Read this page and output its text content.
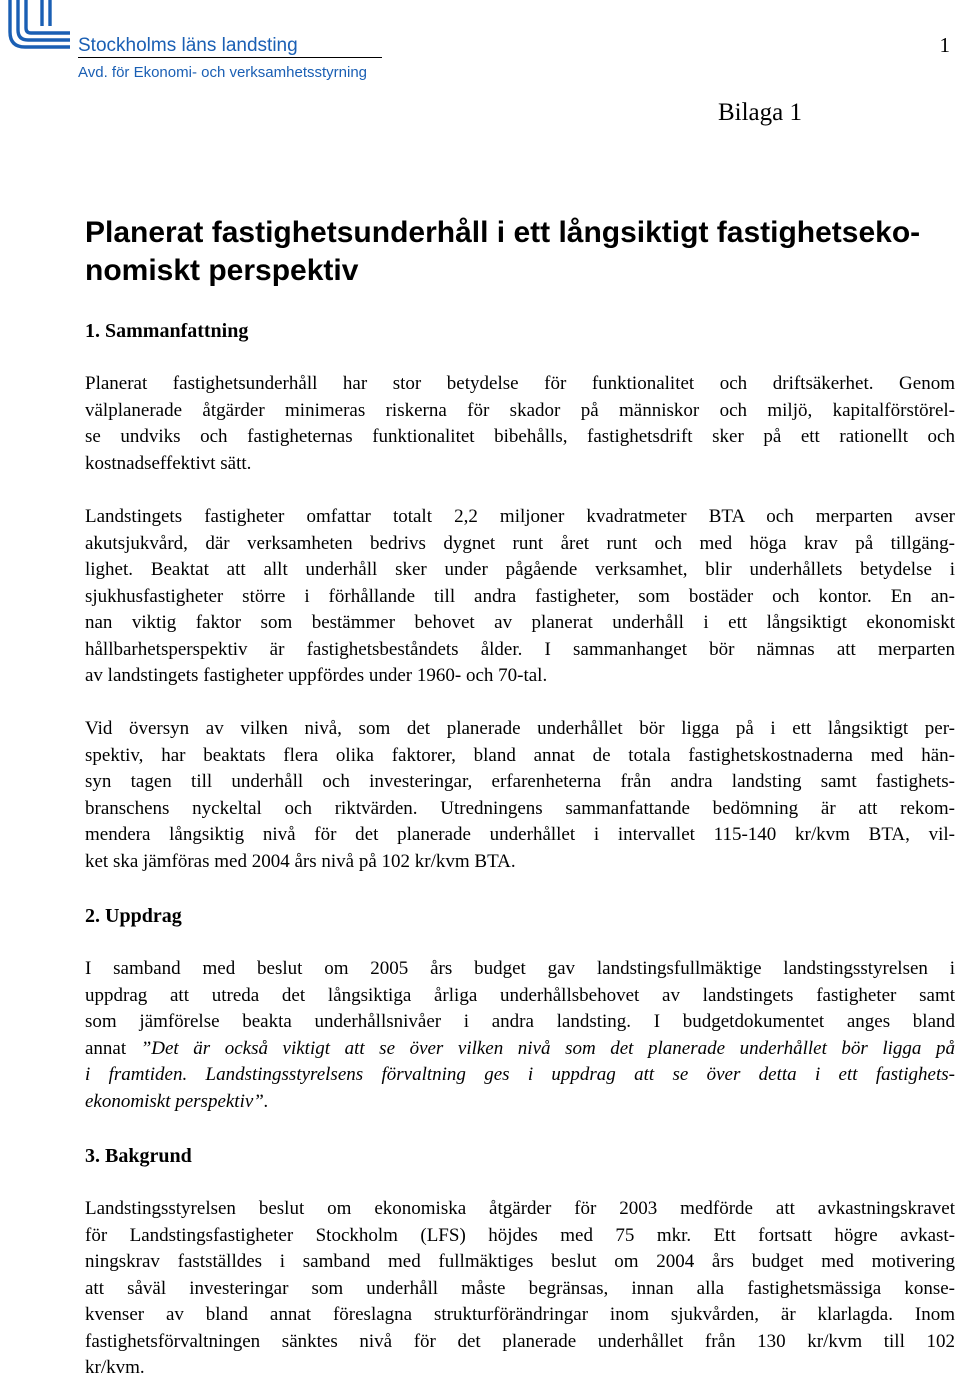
Stockholms läns landsting
Avd. för Ekonomi- och verksamhetsstyrning
1
Bilaga 1
Planerat fastighetsunderhåll i ett långsiktigt fastighetseko-
nomiskt perspektiv
1. Sammanfattning
Planerat fastighetsunderhåll har stor betydelse för funktionalitet och driftsäkerhet. Genom
välplanerade åtgärder minimeras riskerna för skador på människor och miljö, kapitalförstörel-
se undviks och fastigheternas funktionalitet bibehålls, fastighetsdrift sker på ett rationellt och
kostnadseffektivt sätt.
Landstingets fastigheter omfattar totalt 2,2 miljoner kvadratmeter BTA och merparten avser
akutsjukvård, där verksamheten bedrivs dygnet runt året runt och med höga krav på tillgäng-
lighet. Beaktat att allt underhåll sker under pågående verksamhet, blir underhållets betydelse i
sjukhusfastigheter större i förhållande till andra fastigheter, som bostäder och kontor. En an-
nan viktig faktor som bestämmer behovet av planerat underhåll i ett långsiktigt ekonomiskt
hållbarhetsperspektiv är fastighetsbeståndets ålder. I sammanhanget bör nämnas att merparten
av landstingets fastigheter uppfördes under 1960- och 70-tal.
Vid översyn av vilken nivå, som det planerade underhållet bör ligga på i ett långsiktigt per-
spektiv, har beaktats flera olika faktorer, bland annat de totala fastighetskostnaderna med hän-
syn tagen till underhåll och investeringar, erfarenheterna från andra landsting samt fastighets-
branschens nyckeltal och riktvärden. Utredningens sammanfattande bedömning är att rekom-
mendera långsiktig nivå för det planerade underhållet i intervallet 115-140 kr/kvm BTA, vil-
ket ska jämföras med 2004 års nivå på 102 kr/kvm BTA.
2. Uppdrag
I samband med beslut om 2005 års budget gav landstingsfullmäktige landstingsstyrelsen i
uppdrag att utreda det långsiktiga årliga underhållsbehovet av landstingets fastigheter samt
som jämförelse beakta underhållsnivåer i andra landsting. I budgetdokumentet anges bland
annat ”Det är också viktigt att se över vilken nivå som det planerade underhållet bör ligga på
i framtiden. Landstingsstyrelsens förvaltning ges i uppdrag att se över detta i ett fastighets-
ekonomiskt perspektiv”.
3. Bakgrund
Landstingsstyrelsen beslut om ekonomiska åtgärder för 2003 medförde att avkastningskravet
för Landstingsfastigheter Stockholm (LFS) höjdes med 75 mkr. Ett fortsatt högre avkast-
ningskrav fastställdes i samband med fullmäktiges beslut om 2004 års budget med motivering
att såväl investeringar som underhåll måste begränsas, innan alla fastighetsmässiga konse-
kvenser av bland annat föreslagna strukturförändringar inom sjukvården, är klarlagda. Inom
fastighetsförvaltningen sänktes nivå för det planerade underhållet från 130 kr/kvm till 102
kr/kvm.
